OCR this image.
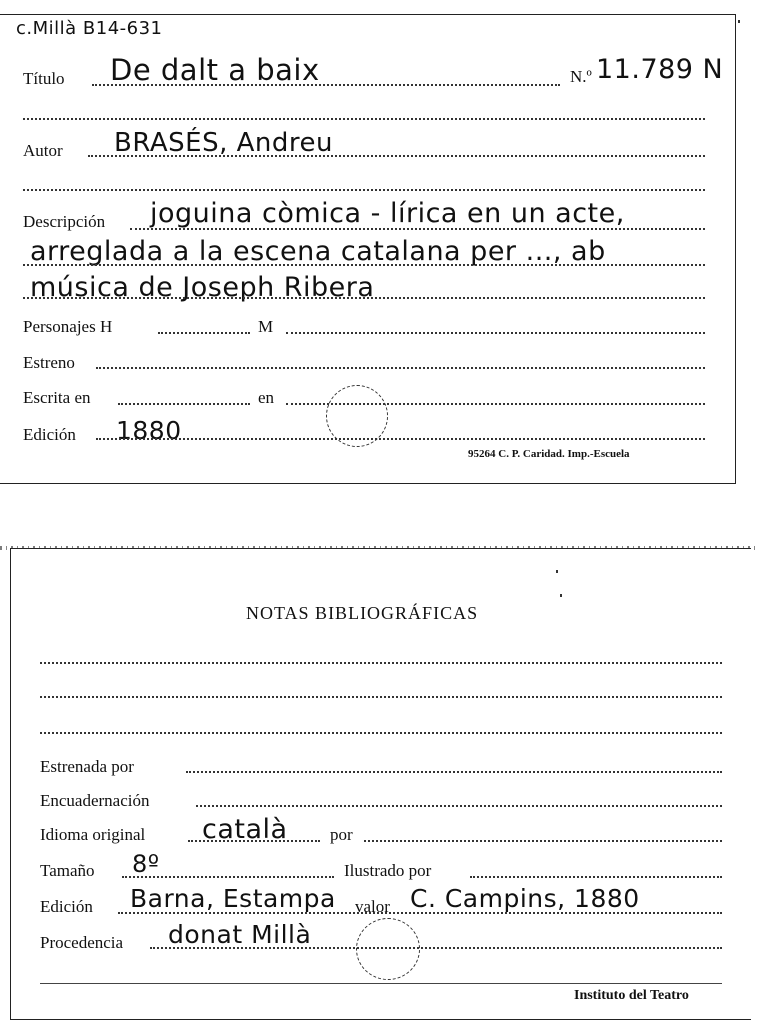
c.Millà B14-631
Título De dalt a baix	N.º 11.789 N
Autor BRASÉS, Andreu
Descripción joguina còmica - lírica en un acte,
arreglada a la escena catalana per ..., ab
música de Joseph Ribera
Personajes H	M
Estreno
Escrita en	en
Edición 1880
95264 C. P. Caridad. Imp.-Escuela
NOTAS BIBLIOGRÁFICAS
Estrenada por
Encuadernación
Idioma original català por
Tamaño 8º	Ilustrado por
Edición Barna, Estampa valor C. Campins, 1880
Procedencia donat Millà
Instituto del Teatro
